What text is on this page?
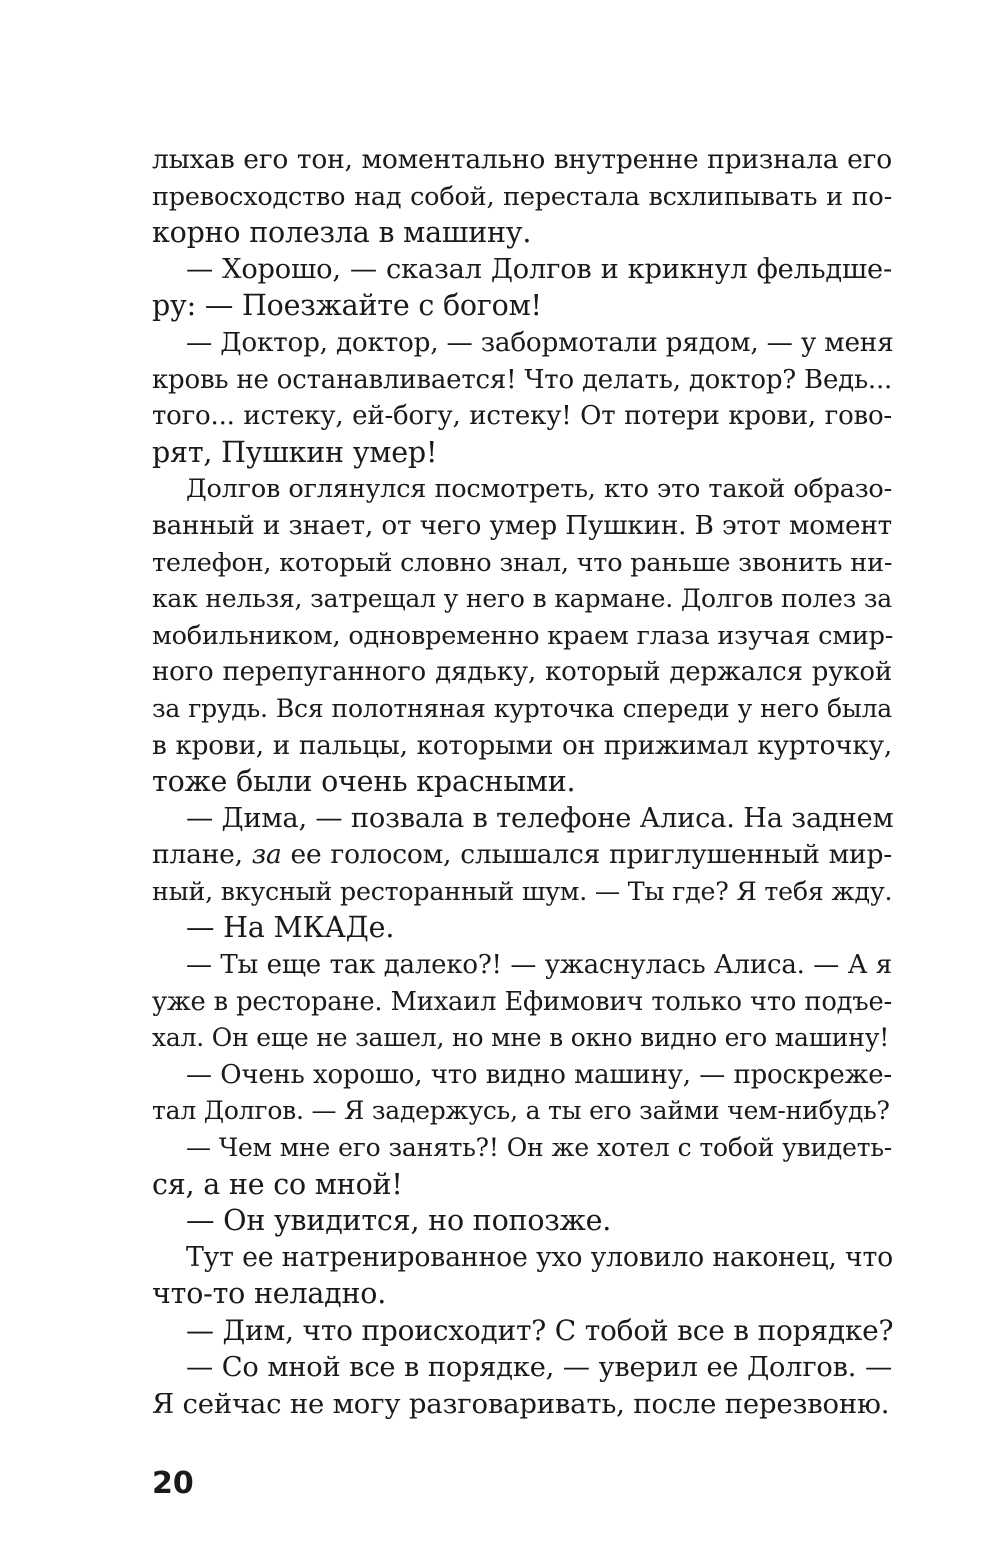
лыхав его тон, моментально внутренне признала его
превосходство над собой, перестала всхлипывать и по-
корно полезла в машину.
— Хорошо, — сказал Долгов и крикнул фельдше-
ру: — Поезжайте с богом!
— Доктор, доктор, — забормотали рядом, — у меня
кровь не останавливается! Что делать, доктор? Ведь...
того... истеку, ей-богу, истеку! От потери крови, гово-
рят, Пушкин умер!
Долгов оглянулся посмотреть, кто это такой образо-
ванный и знает, от чего умер Пушкин. В этот момент
телефон, который словно знал, что раньше звонить ни-
как нельзя, затрещал у него в кармане. Долгов полез за
мобильником, одновременно краем глаза изучая смир-
ного перепуганного дядьку, который держался рукой
за грудь. Вся полотняная курточка спереди у него была
в крови, и пальцы, которыми он прижимал курточку,
тоже были очень красными.
— Дима, — позвала в телефоне Алиса. На заднем
плане, за ее голосом, слышался приглушенный мир-
ный, вкусный ресторанный шум. — Ты где? Я тебя жду.
— На МКАДе.
— Ты еще так далеко?! — ужаснулась Алиса. — А я
уже в ресторане. Михаил Ефимович только что подъе-
хал. Он еще не зашел, но мне в окно видно его машину!
— Очень хорошо, что видно машину, — проскреже-
тал Долгов. — Я задержусь, а ты его займи чем-нибудь?
— Чем мне его занять?! Он же хотел с тобой увидеть-
ся, а не со мной!
— Он увидится, но попозже.
Тут ее натренированное ухо уловило наконец, что
что-то неладно.
— Дим, что происходит? С тобой все в порядке?
— Со мной все в порядке, — уверил ее Долгов. —
Я сейчас не могу разговаривать, после перезвоню.
20
